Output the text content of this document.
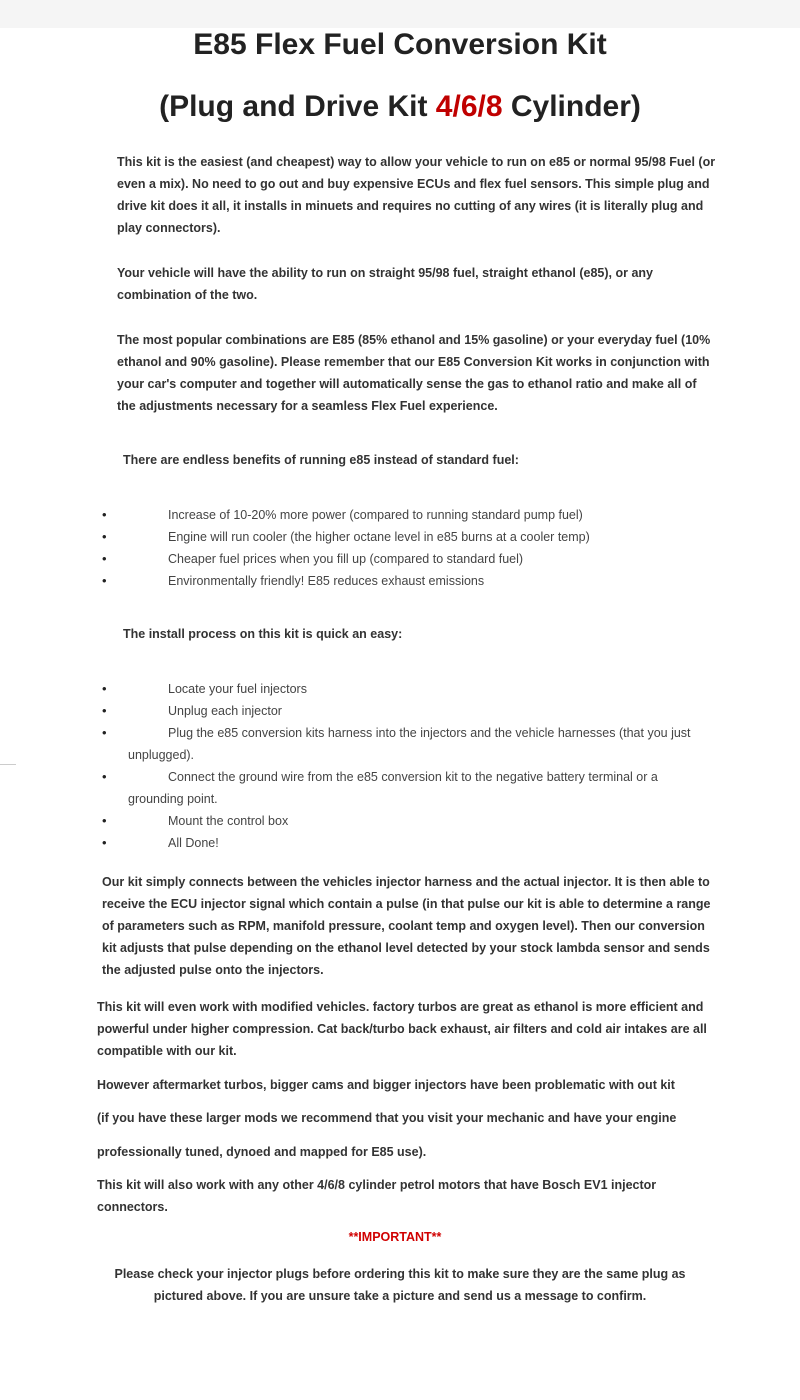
E85 Flex Fuel Conversion Kit
(Plug and Drive Kit 4/6/8 Cylinder)

This kit is the easiest (and cheapest) way to allow your vehicle to run on e85 or normal 95/98 Fuel (or even a mix). No need to go out and buy expensive ECUs and flex fuel sensors. This simple plug and drive kit does it all, it installs in minuets and requires no cutting of any wires (it is literally plug and play connectors).

Your vehicle will have the ability to run on straight 95/98 fuel, straight ethanol (e85), or any combination of the two.

The most popular combinations are E85 (85% ethanol and 15% gasoline) or your everyday fuel (10% ethanol and 90% gasoline). Please remember that our E85 Conversion Kit works in conjunction with your car's computer and together will automatically sense the gas to ethanol ratio and make all of the adjustments necessary for a seamless Flex Fuel experience.

There are endless benefits of running e85 instead of standard fuel:

•	Increase of 10-20% more power (compared to running standard pump fuel)
•	Engine will run cooler (the higher octane level in e85 burns at a cooler temp)
•	Cheaper fuel prices when you fill up (compared to standard fuel)
•	Environmentally friendly! E85 reduces exhaust emissions

The install process on this kit is quick an easy:

•	Locate your fuel injectors
•	Unplug each injector
•	Plug the e85 conversion kits harness into the injectors and the vehicle harnesses (that you just
unplugged).
•	Connect the ground wire from the e85 conversion kit to the negative battery terminal or a
grounding point.
•	Mount the control box
•	All Done!

Our kit simply connects between the vehicles injector harness and the actual injector. It is then able to receive the ECU injector signal which contain a pulse (in that pulse our kit is able to determine a range of parameters such as RPM, manifold pressure, coolant temp and oxygen level). Then our conversion kit adjusts that pulse depending on the ethanol level detected by your stock lambda sensor and sends the adjusted pulse onto the injectors.

This kit will even work with modified vehicles. factory turbos are great as ethanol is more efficient and powerful under higher compression. Cat back/turbo back exhaust, air filters and cold air intakes are all compatible with our kit.

However aftermarket turbos, bigger cams and bigger injectors have been problematic with out kit

(if you have these larger mods we recommend that you visit your mechanic and have your engine

professionally tuned, dynoed and mapped for E85 use).

This kit will also work with any other 4/6/8 cylinder petrol motors that have Bosch EV1 injector connectors.

**IMPORTANT**

Please check your injector plugs before ordering this kit to make sure they are the same plug as pictured above. If you are unsure take a picture and send us a message to confirm.
